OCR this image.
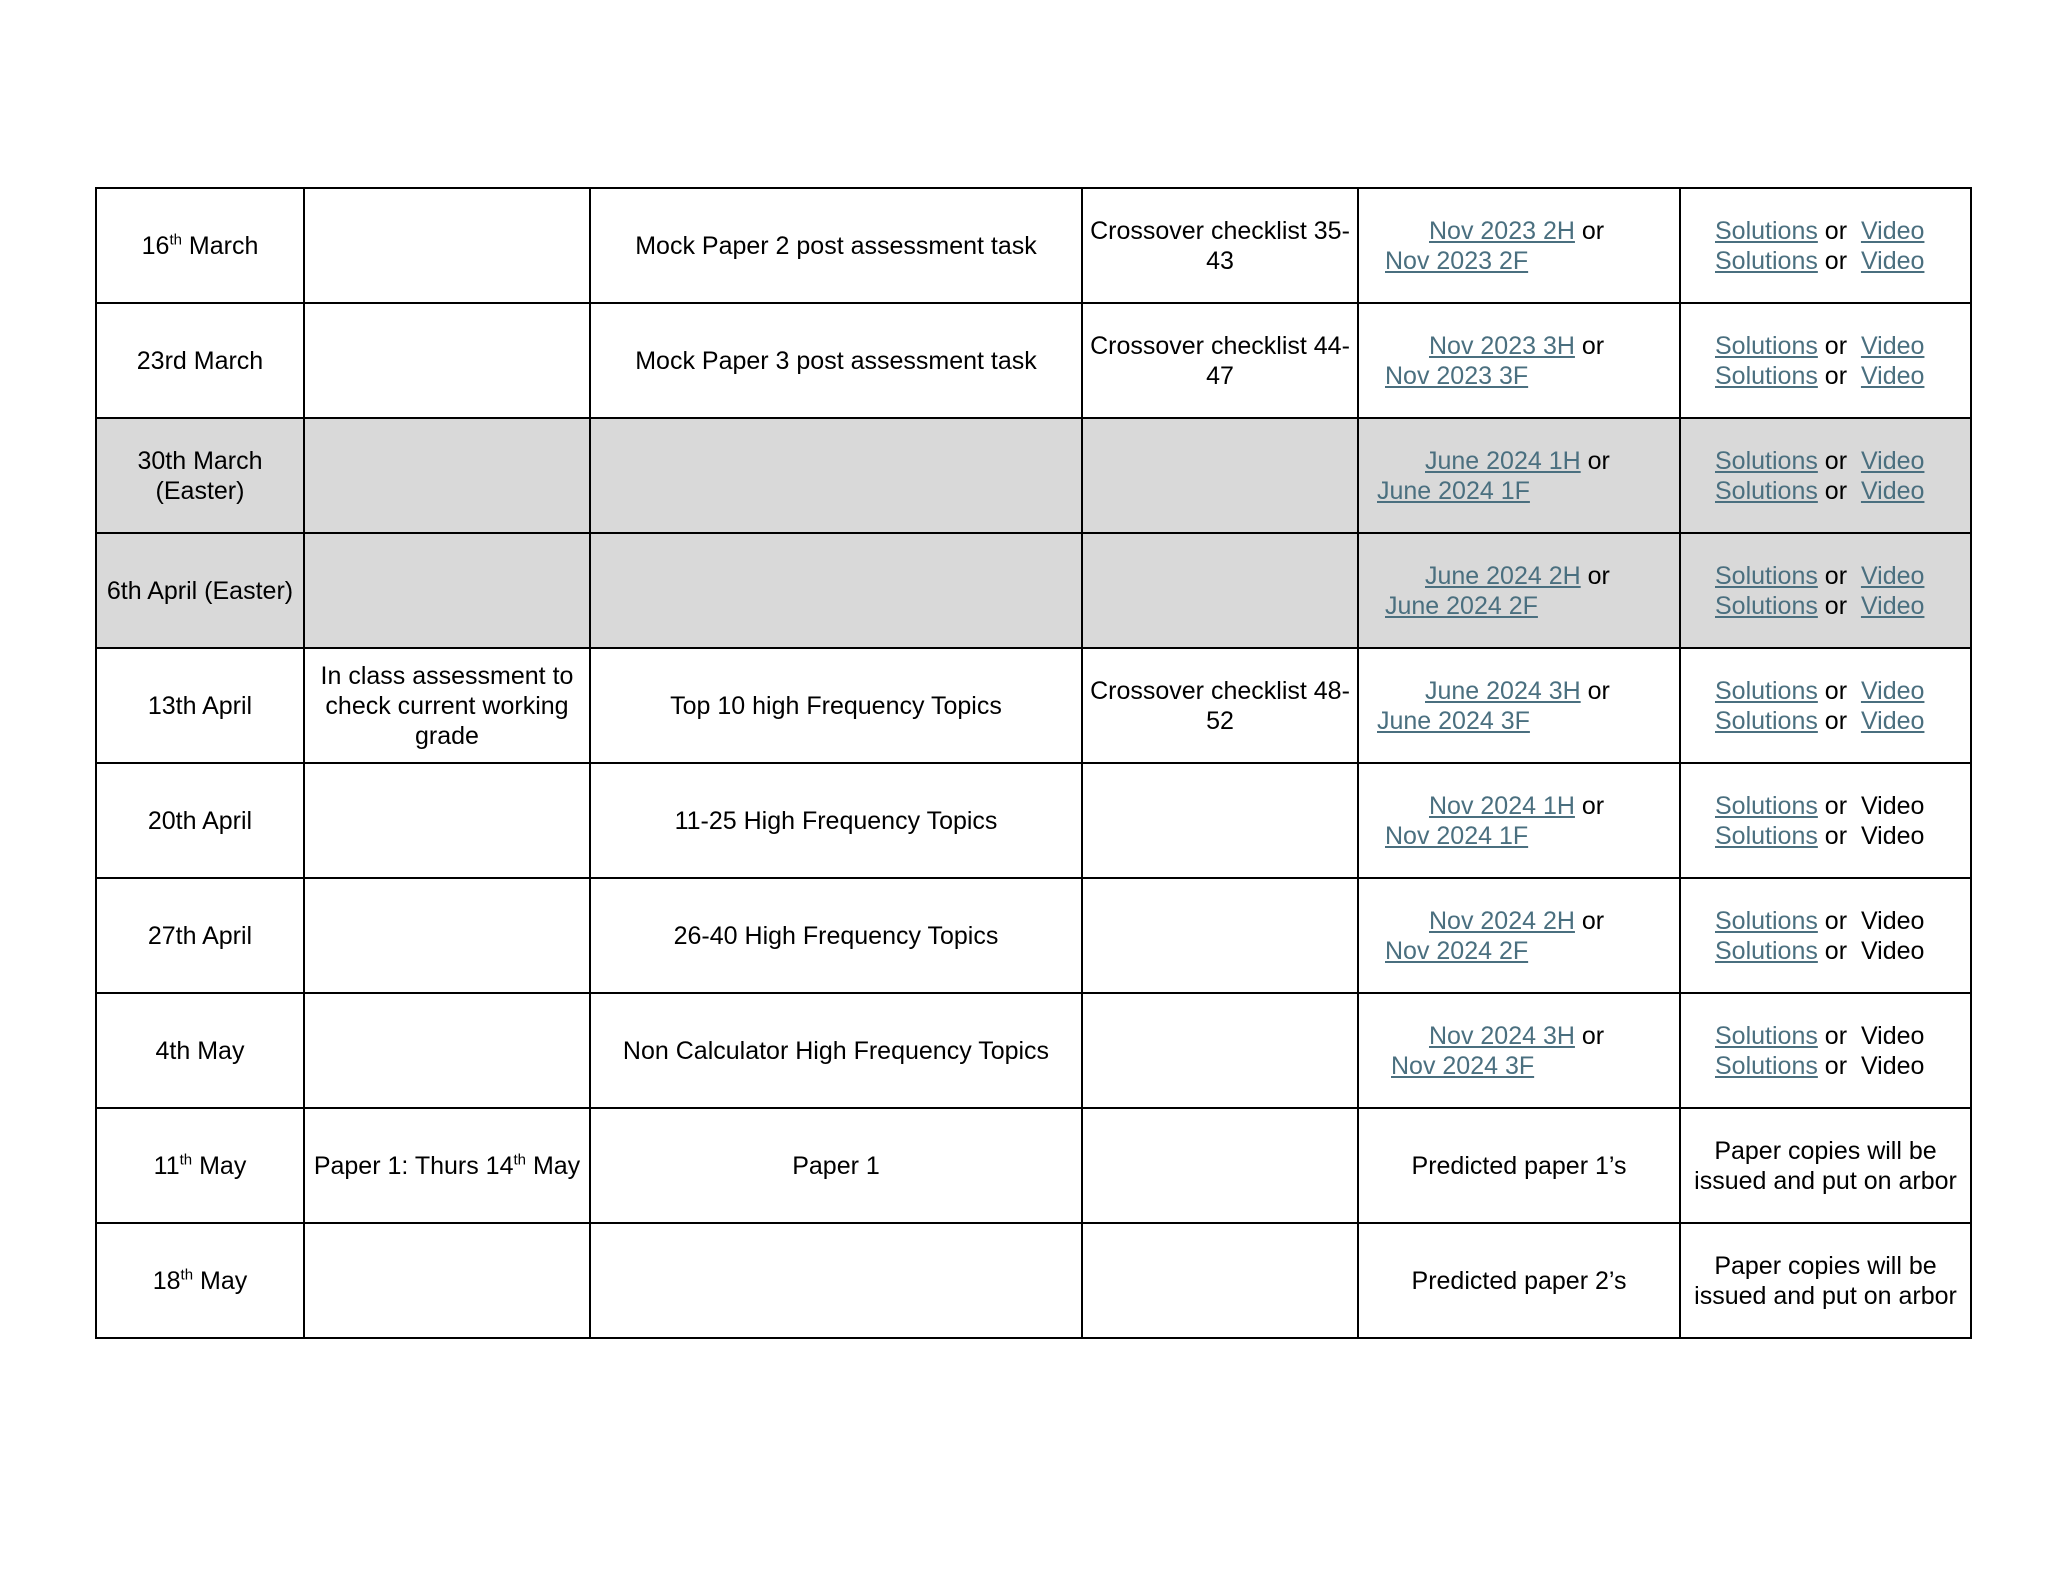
16th March		Mock Paper 2 post assessment task	Crossover checklist 35-43	Nov 2023 2H or
Nov 2023 2F	Solutions or  Video
Solutions or  Video

23rd March		Mock Paper 3 post assessment task	Crossover checklist 44-47	Nov 2023 3H or
Nov 2023 3F	Solutions or  Video
Solutions or  Video

30th March (Easter)				June 2024 1H or
June 2024 1F	Solutions or  Video
Solutions or  Video

6th April (Easter)				June 2024 2H or
June 2024 2F	Solutions or  Video
Solutions or  Video

13th April	In class assessment to check current working grade	Top 10 high Frequency Topics	Crossover checklist 48-52	June 2024 3H or
June 2024 3F	Solutions or  Video
Solutions or  Video

20th April		11-25 High Frequency Topics		Nov 2024 1H or
Nov 2024 1F	Solutions or  Video
Solutions or  Video

27th April		26-40 High Frequency Topics		Nov 2024 2H or
Nov 2024 2F	Solutions or  Video
Solutions or  Video

4th May		Non Calculator High Frequency Topics		Nov 2024 3H or
Nov 2024 3F	Solutions or  Video
Solutions or  Video

11th May	Paper 1: Thurs 14th May	Paper 1		Predicted paper 1’s	Paper copies will be issued and put on arbor
18th May				Predicted paper 2’s	Paper copies will be issued and put on arbor
